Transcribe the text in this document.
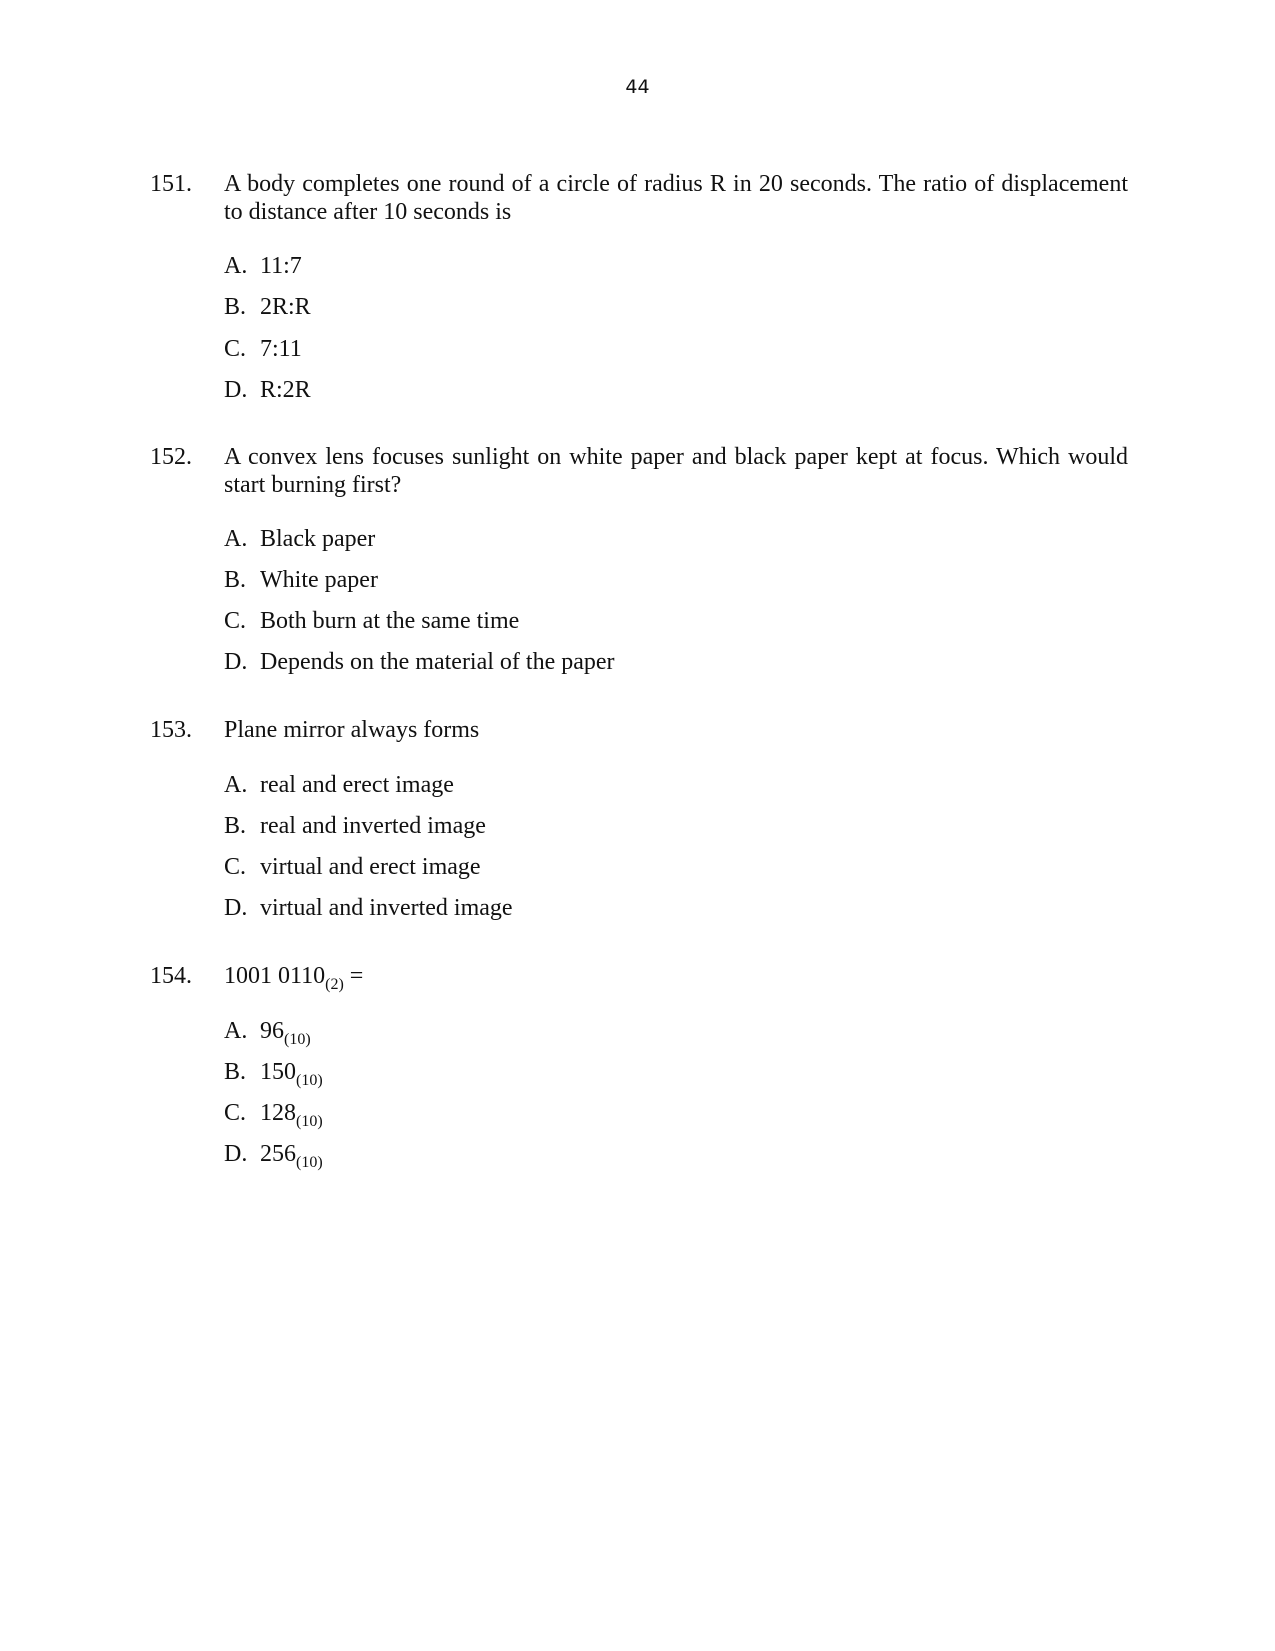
44
151. A body completes one round of a circle of radius R in 20 seconds. The ratio of displacement to distance after 10 seconds is
A. 11:7
B. 2R:R
C. 7:11
D. R:2R
152. A convex lens focuses sunlight on white paper and black paper kept at focus. Which would start burning first?
A. Black paper
B. White paper
C. Both burn at the same time
D. Depends on the material of the paper
153. Plane mirror always forms
A. real and erect image
B. real and inverted image
C. virtual and erect image
D. virtual and inverted image
154. 1001 $0110_{(2)}$ =
A. $96_{(10)}$
B. $150_{(10)}$
C. $128_{(10)}$
D. $256_{(10)}$
